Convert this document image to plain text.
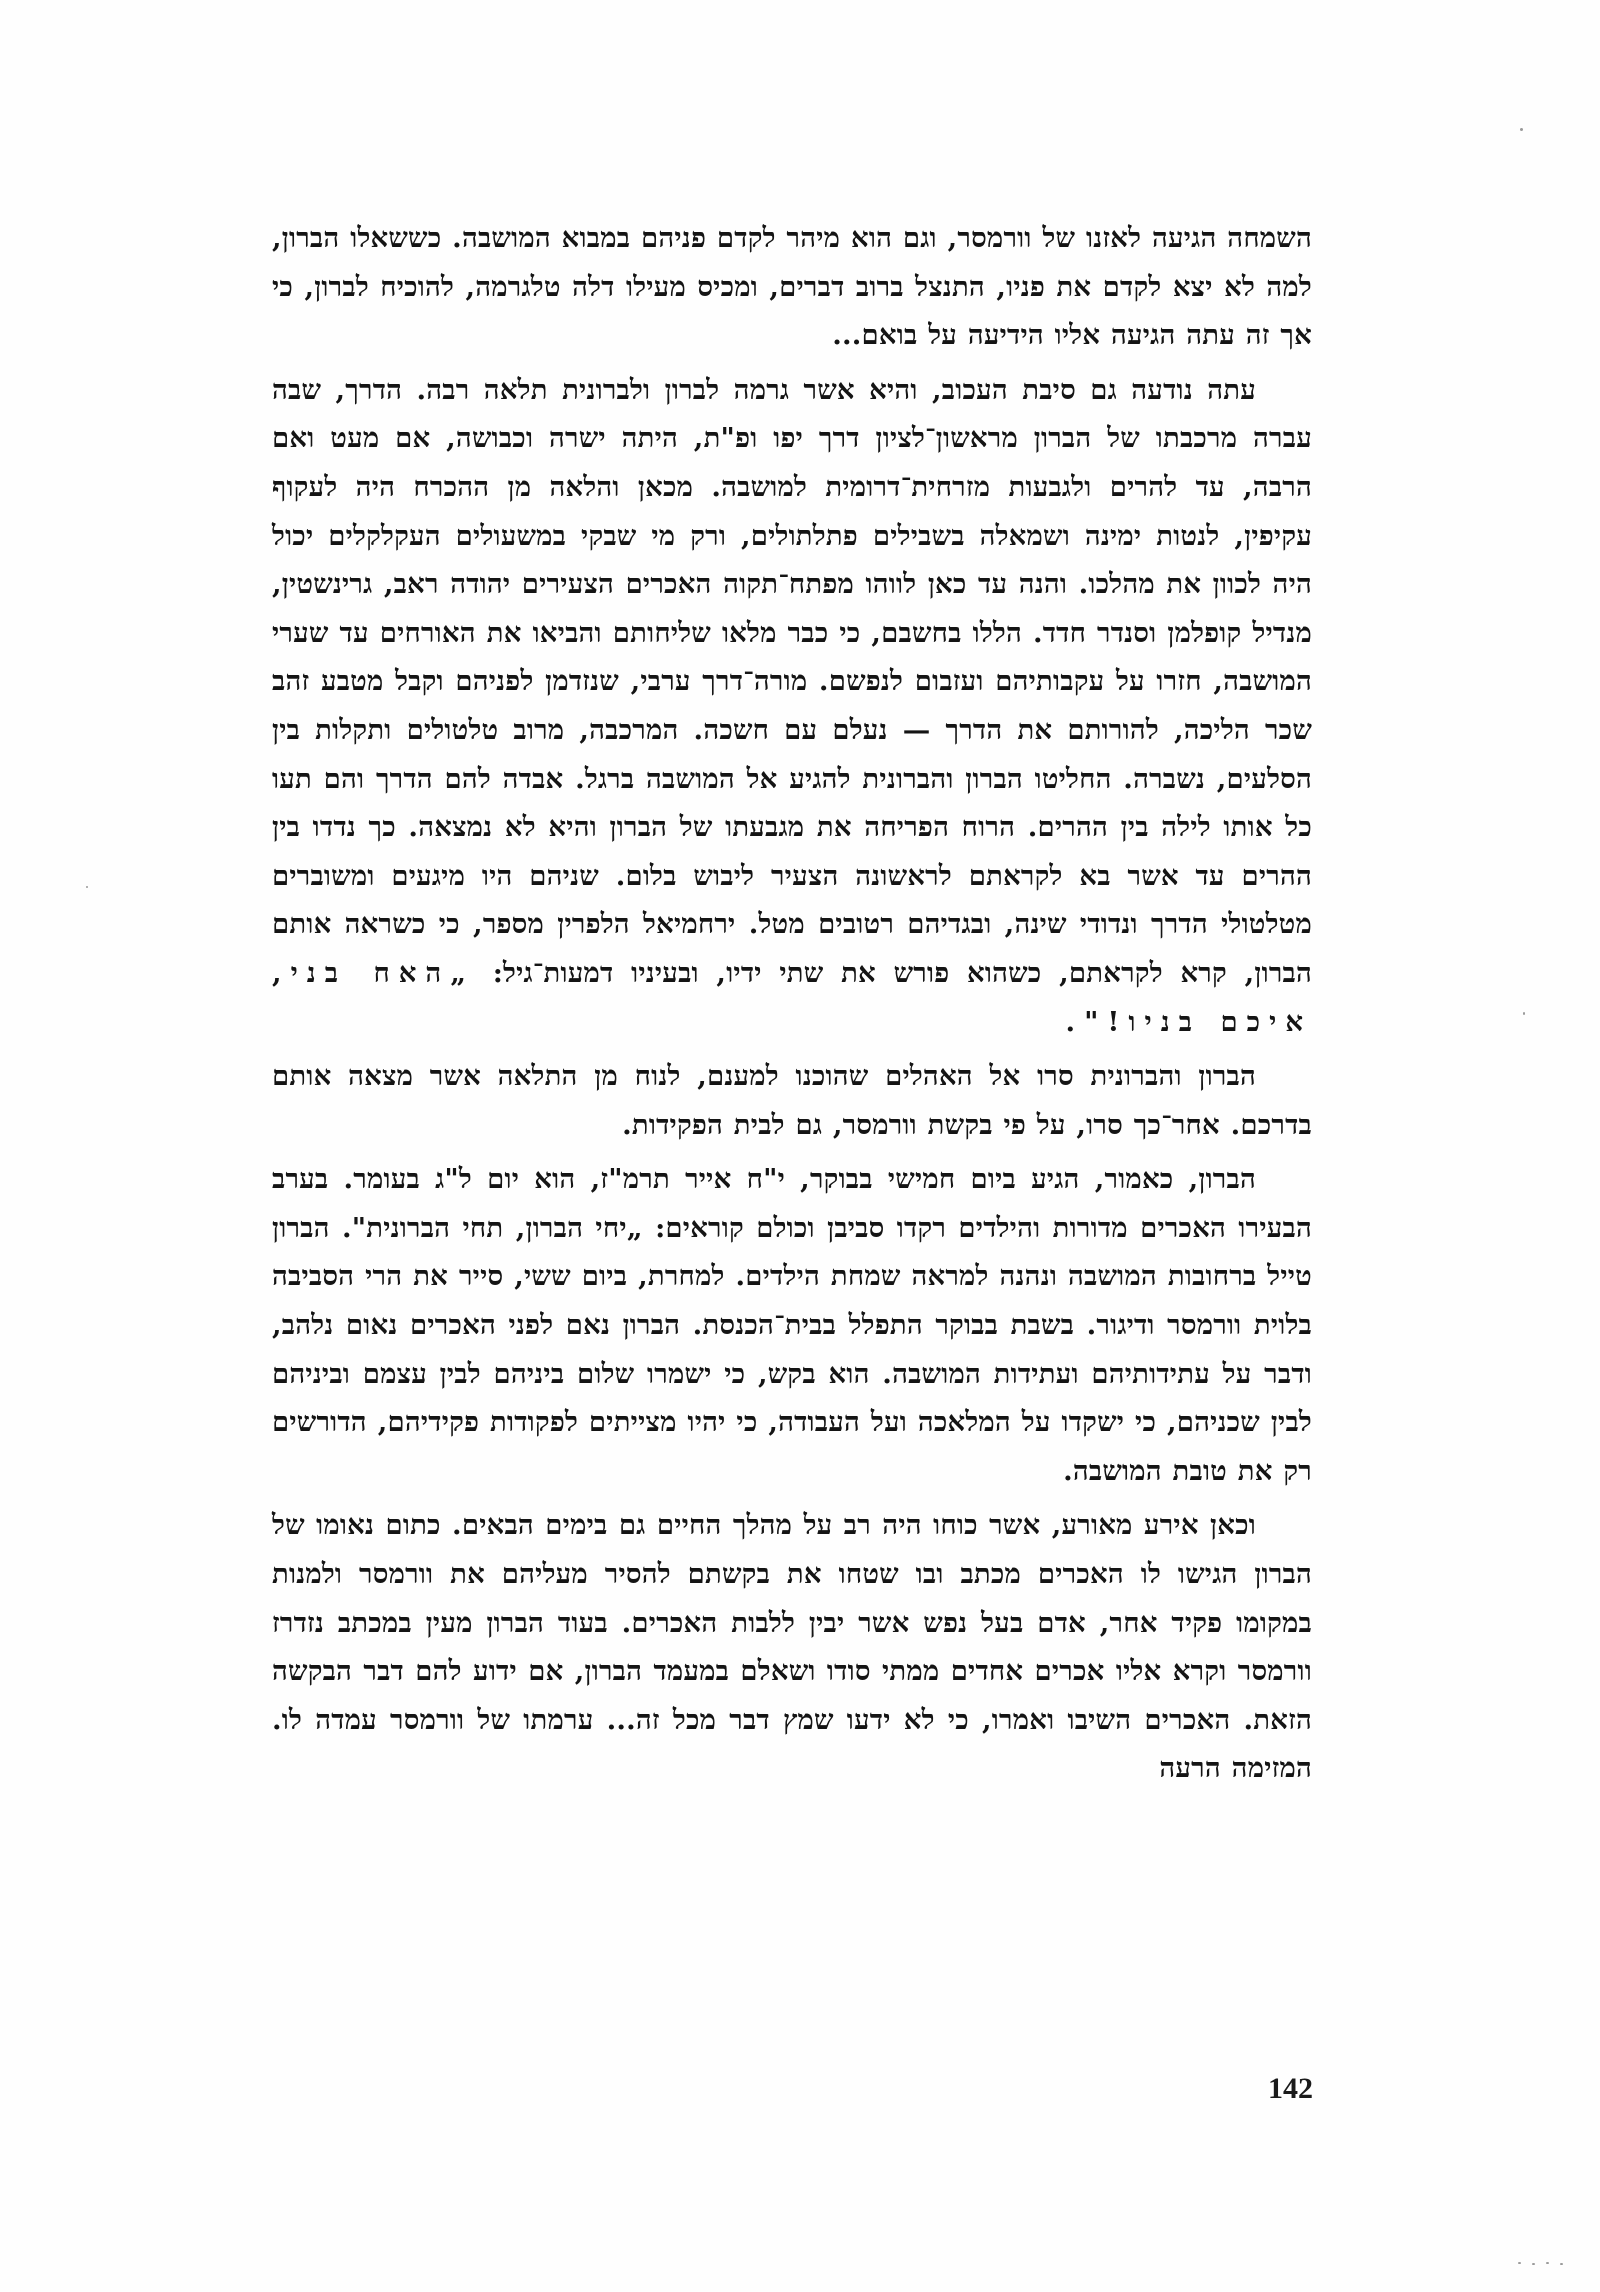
השמחה הגיעה לאזנו של וורמסר, וגם הוא מיהר לקדם פניהם במבוא המושבה. כששאלו הברון, למה לא יצא לקדם את פניו, התנצל ברוב דברים, ומכיס מעילו דלה טלגרמה, להוכיח לברון, כי אך זה עתה הגיעה אליו הידיעה על בואם...

עתה נודעה גם סיבת העכוב, והיא אשר גרמה לברון ולברונית תלאה רבה. הדרך, שבה עברה מרכבתו של הברון מראשון־לציון דרך יפו ופ"ת, היתה ישרה וכבושה, אם מעט ואם הרבה, עד להרים ולגבעות מזרחית־דרומית למושבה. מכאן והלאה מן ההכרח היה לעקוף עקיפין, לנטות ימינה ושמאלה בשבילים פתלתולים, ורק מי שבקי במשעולים העקלקלים יכול היה לכוון את מהלכו. והנה עד כאן לווהו מפתח־תקוה האכרים הצעירים יהודה ראב, גרינשטין, מנדיל קופלמן וסנדר חדד. הללו בחשבם, כי כבר מלאו שליחותם והביאו את האורחים עד שערי המושבה, חזרו על עקבותיהם ועזבום לנפשם. מורה־דרך ערבי, שנזדמן לפניהם וקבל מטבע זהב שכר הליכה, להורותם את הדרך — נעלם עם חשכה. המרכבה, מרוב טלטולים ותקלות בין הסלעים, נשברה. החליטו הברון והברונית להגיע אל המושבה ברגל. אבדה להם הדרך והם תעו כל אותו לילה בין ההרים. הרוח הפריחה את מגבעתו של הברון והיא לא נמצאה. כך נדדו בין ההרים עד אשר בא לקראתם לראשונה הצעיר ליבוש בלום. שניהם היו מיגעים ומשוברים מטלטולי הדרך ונדודי שינה, ובגדיהם רטובים מטל. ירחמיאל הלפרין מספר, כי כשראה אותם הברון, קרא לקראתם, כשהוא פורש את שתי ידיו, ובעיניו דמעות־גיל: „האח בני, איכם בניו!".

הברון והברונית סרו אל האהלים שהוכנו למענם, לנוח מן התלאה אשר מצאה אותם בדרכם. אחר־כך סרו, על פי בקשת וורמסר, גם לבית הפקידות.

הברון, כאמור, הגיע ביום חמישי בבוקר, י"ח אייר תרמ"ז, הוא יום ל"ג בעומר. בערב הבעירו האכרים מדורות והילדים רקדו סביבן וכולם קוראים: „יחי הברון, תחי הברונית". הברון טייל ברחובות המושבה ונהנה למראה שמחת הילדים. למחרת, ביום ששי, סייר את הרי הסביבה בלוית וורמסר ודיגור. בשבת בבוקר התפלל בבית־הכנסת. הברון נאם לפני האכרים נאום נלהב, ודבר על עתידותיהם ועתידות המושבה. הוא בקש, כי ישמרו שלום ביניהם לבין עצמם וביניהם לבין שכניהם, כי ישקדו על המלאכה ועל העבודה, כי יהיו מצייתים לפקודות פקידיהם, הדורשים רק את טובת המושבה.

וכאן אירע מאורע, אשר כוחו היה רב על מהלך החיים גם בימים הבאים. כתום נאומו של הברון הגישו לו האכרים מכתב ובו שטחו את בקשתם להסיר מעליהם את וורמסר ולמנות במקומו פקיד אחר, אדם בעל נפש אשר יבין ללבות האכרים. בעוד הברון מעין במכתב נזדרז וורמסר וקרא אליו אכרים אחדים ממתי סודו ושאלם במעמד הברון, אם ידוע להם דבר הבקשה הזאת. האכרים השיבו ואמרו, כי לא ידעו שמץ דבר מכל זה... ערמתו של וורמסר עמדה לו. המזימה הרעה

142
